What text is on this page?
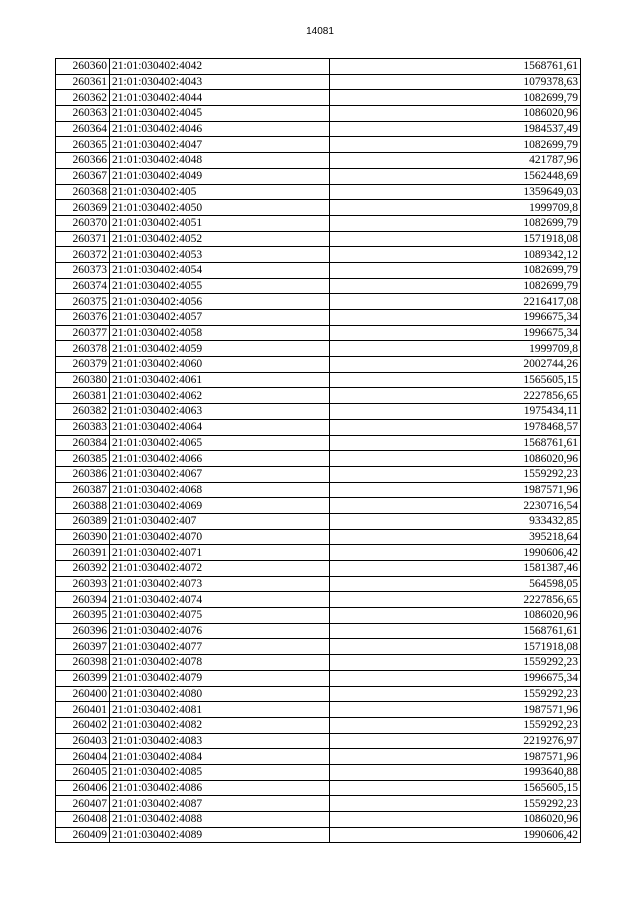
14081
260360	21:01:030402:4042	1568761,61
260361	21:01:030402:4043	1079378,63
260362	21:01:030402:4044	1082699,79
260363	21:01:030402:4045	1086020,96
260364	21:01:030402:4046	1984537,49
260365	21:01:030402:4047	1082699,79
260366	21:01:030402:4048	421787,96
260367	21:01:030402:4049	1562448,69
260368	21:01:030402:405	1359649,03
260369	21:01:030402:4050	1999709,8
260370	21:01:030402:4051	1082699,79
260371	21:01:030402:4052	1571918,08
260372	21:01:030402:4053	1089342,12
260373	21:01:030402:4054	1082699,79
260374	21:01:030402:4055	1082699,79
260375	21:01:030402:4056	2216417,08
260376	21:01:030402:4057	1996675,34
260377	21:01:030402:4058	1996675,34
260378	21:01:030402:4059	1999709,8
260379	21:01:030402:4060	2002744,26
260380	21:01:030402:4061	1565605,15
260381	21:01:030402:4062	2227856,65
260382	21:01:030402:4063	1975434,11
260383	21:01:030402:4064	1978468,57
260384	21:01:030402:4065	1568761,61
260385	21:01:030402:4066	1086020,96
260386	21:01:030402:4067	1559292,23
260387	21:01:030402:4068	1987571,96
260388	21:01:030402:4069	2230716,54
260389	21:01:030402:407	933432,85
260390	21:01:030402:4070	395218,64
260391	21:01:030402:4071	1990606,42
260392	21:01:030402:4072	1581387,46
260393	21:01:030402:4073	564598,05
260394	21:01:030402:4074	2227856,65
260395	21:01:030402:4075	1086020,96
260396	21:01:030402:4076	1568761,61
260397	21:01:030402:4077	1571918,08
260398	21:01:030402:4078	1559292,23
260399	21:01:030402:4079	1996675,34
260400	21:01:030402:4080	1559292,23
260401	21:01:030402:4081	1987571,96
260402	21:01:030402:4082	1559292,23
260403	21:01:030402:4083	2219276,97
260404	21:01:030402:4084	1987571,96
260405	21:01:030402:4085	1993640,88
260406	21:01:030402:4086	1565605,15
260407	21:01:030402:4087	1559292,23
260408	21:01:030402:4088	1086020,96
260409	21:01:030402:4089	1990606,42
